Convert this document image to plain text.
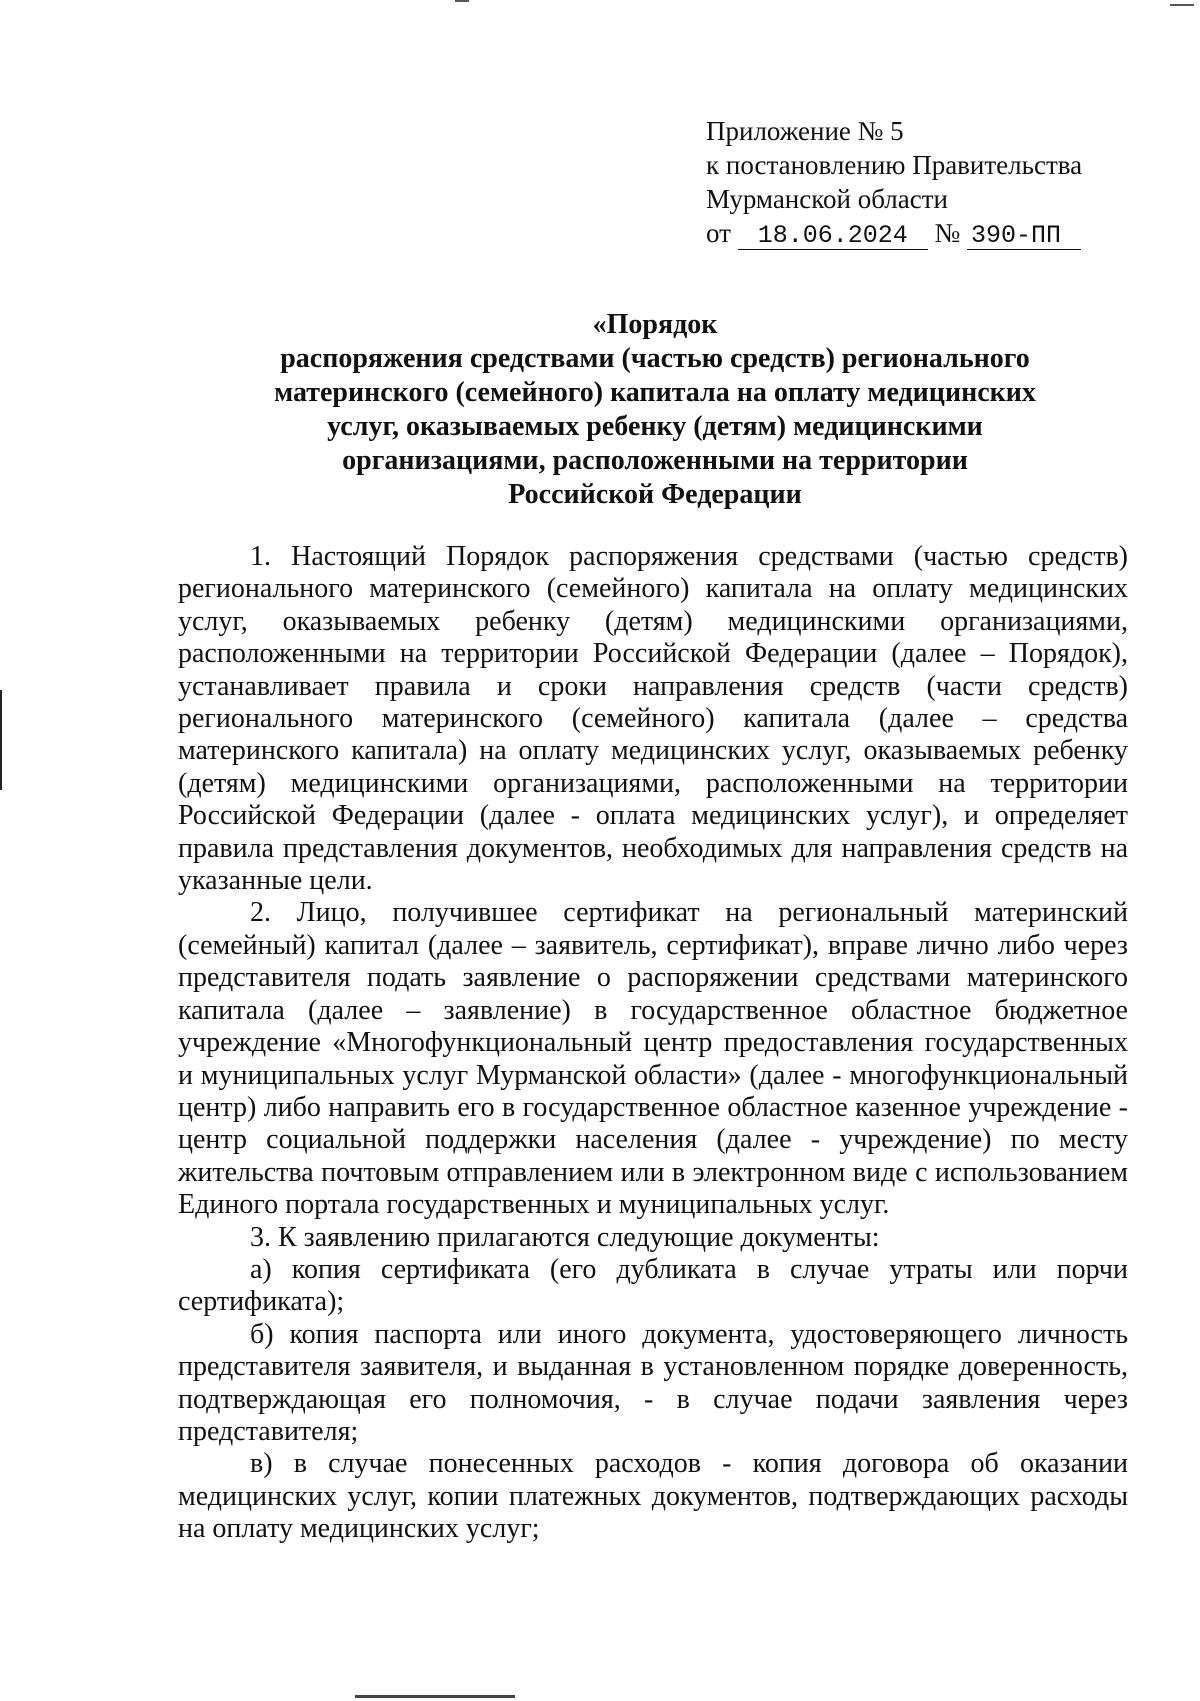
Приложение № 5
к постановлению Правительства
Мурманской области
от 18.06.2024 № 390-ПП
«Порядок
распоряжения средствами (частью средств) регионального
материнского (семейного) капитала на оплату медицинских
услуг, оказываемых ребенку (детям) медицинскими
организациями, расположенными на территории
Российской Федерации

1. Настоящий Порядок распоряжения средствами (частью средств) регионального материнского (семейного) капитала на оплату медицинских услуг, оказываемых ребенку (детям) медицинскими организациями, расположенными на территории Российской Федерации (далее – Порядок), устанавливает правила и сроки направления средств (части средств) регионального материнского (семейного) капитала (далее – средства материнского капитала) на оплату медицинских услуг, оказываемых ребенку (детям) медицинскими организациями, расположенными на территории Российской Федерации (далее - оплата медицинских услуг), и определяет правила представления документов, необходимых для направления средств на указанные цели.

2. Лицо, получившее сертификат на региональный материнский (семейный) капитал (далее – заявитель, сертификат), вправе лично либо через представителя подать заявление о распоряжении средствами материнского капитала (далее – заявление) в государственное областное бюджетное учреждение «Многофункциональный центр предоставления государственных и муниципальных услуг Мурманской области» (далее - многофункциональный центр) либо направить его в государственное областное казенное учреждение - центр социальной поддержки населения (далее - учреждение) по месту жительства почтовым отправлением или в электронном виде с использованием Единого портала государственных и муниципальных услуг.

3. К заявлению прилагаются следующие документы:

а) копия сертификата (его дубликата в случае утраты или порчи сертификата);

б) копия паспорта или иного документа, удостоверяющего личность представителя заявителя, и выданная в установленном порядке доверенность, подтверждающая его полномочия, - в случае подачи заявления через представителя;

в) в случае понесенных расходов - копия договора об оказании медицинских услуг, копии платежных документов, подтверждающих расходы на оплату медицинских услуг;
